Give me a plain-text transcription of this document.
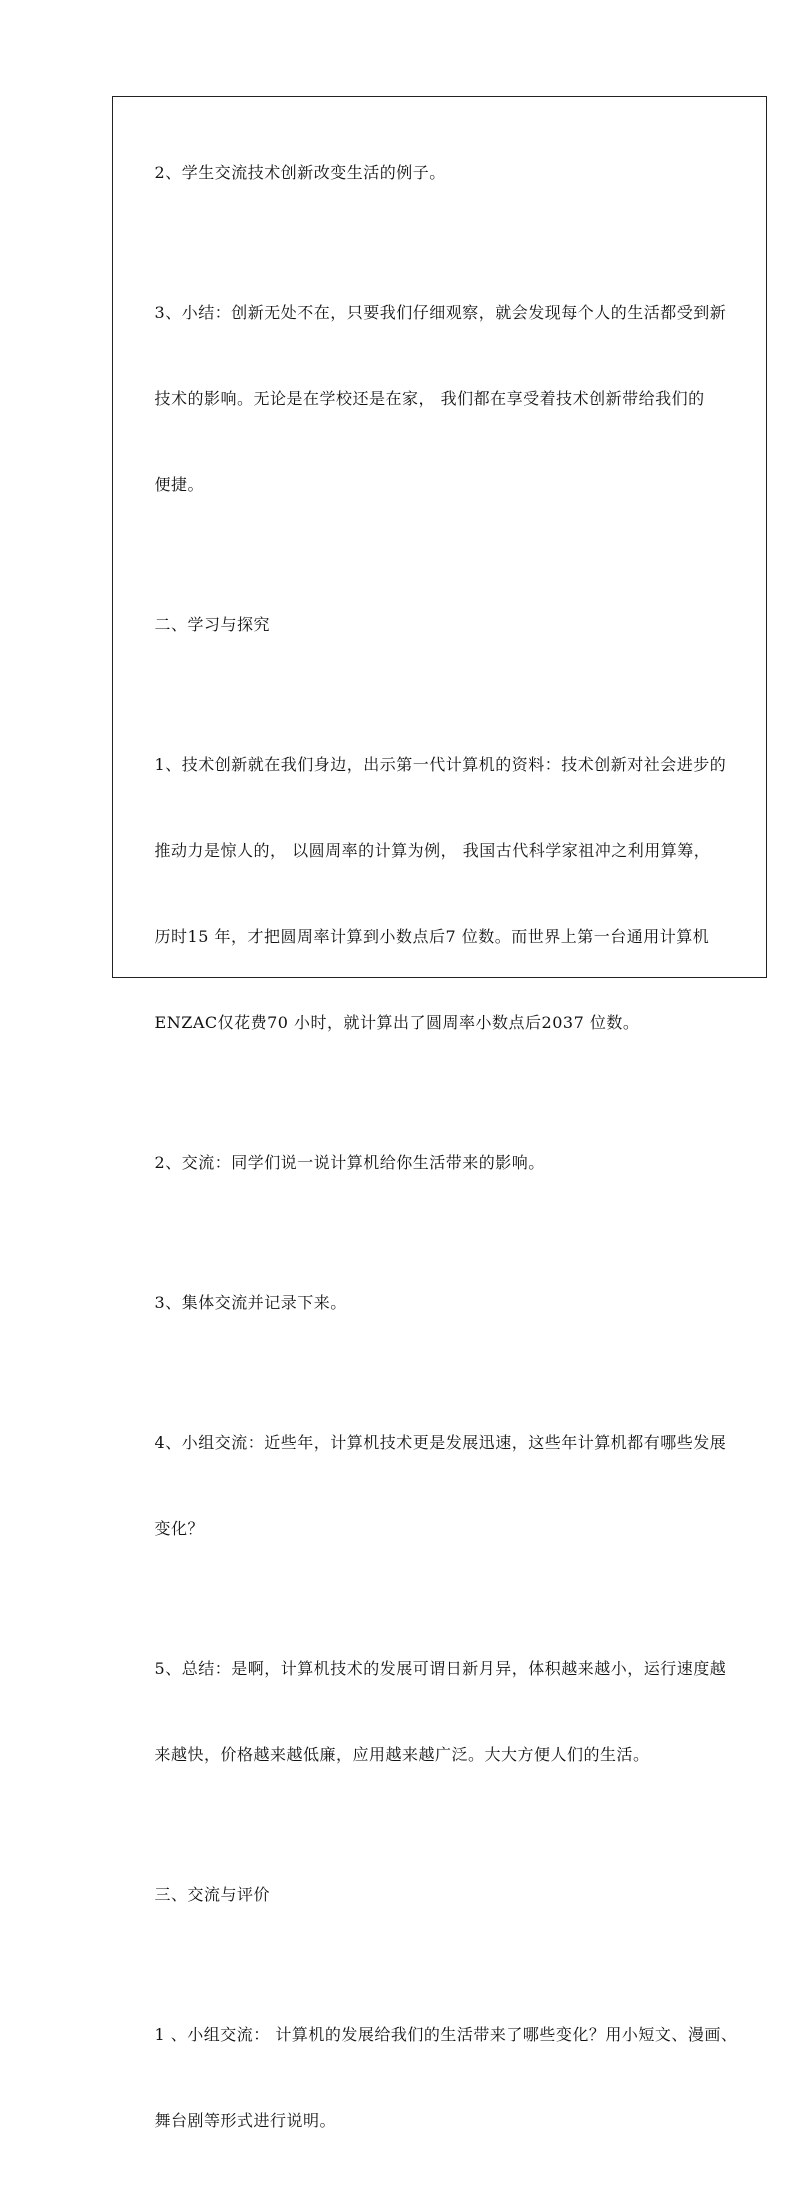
2、学生交流技术创新改变生活的例子。

3、小结：创新无处不在，只要我们仔细观察，就会发现每个人的生活都受到新

技术的影响。无论是在学校还是在家， 我们都在享受着技术创新带给我们的

便捷。

二、学习与探究

1、技术创新就在我们身边，出示第一代计算机的资料：技术创新对社会进步的

推动力是惊人的， 以圆周率的计算为例， 我国古代科学家祖冲之利用算筹，

历时15 年，才把圆周率计算到小数点后7 位数。而世界上第一台通用计算机

ENZAC仅花费70 小时，就计算出了圆周率小数点后2037 位数。

2、交流：同学们说一说计算机给你生活带来的影响。

3、集体交流并记录下来。

4、小组交流：近些年，计算机技术更是发展迅速，这些年计算机都有哪些发展

变化？

5、总结：是啊，计算机技术的发展可谓日新月异，体积越来越小，运行速度越

来越快，价格越来越低廉，应用越来越广泛。大大方便人们的生活。

三、交流与评价

1 、小组交流： 计算机的发展给我们的生活带来了哪些变化？用小短文、漫画、

舞台剧等形式进行说明。
